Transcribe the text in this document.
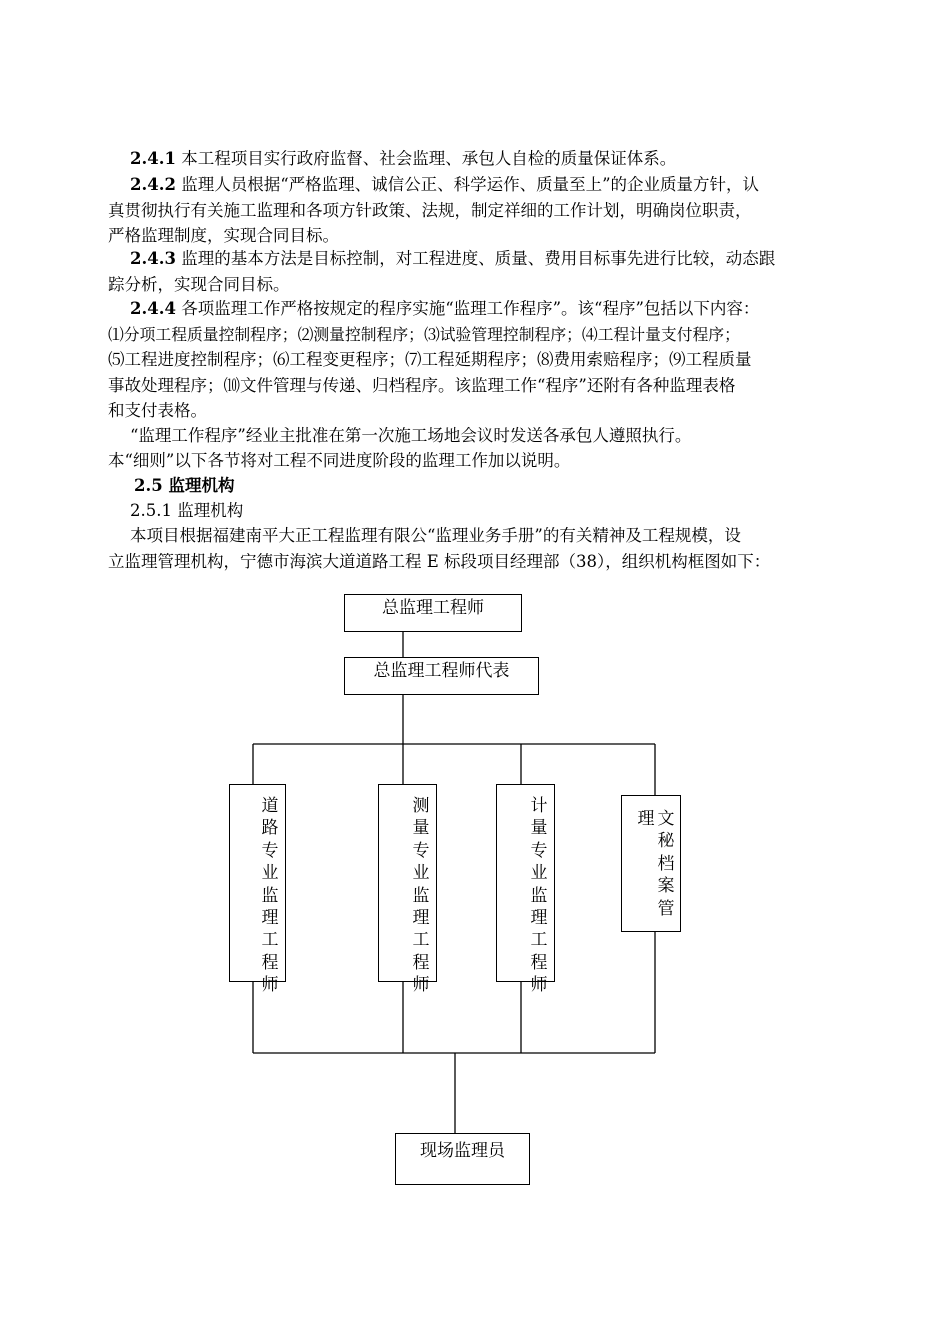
2.4.1 本工程项目实行政府监督、社会监理、承包人自检的质量保证体系。
2.4.2 监理人员根据“严格监理、诚信公正、科学运作、质量至上”的企业质量方针，认
真贯彻执行有关施工监理和各项方针政策、法规，制定祥细的工作计划，明确岗位职责，
严格监理制度，实现合同目标。
2.4.3 监理的基本方法是目标控制，对工程进度、质量、费用目标事先进行比较，动态跟
踪分析，实现合同目标。
2.4.4 各项监理工作严格按规定的程序实施“监理工作程序”。该“程序”包括以下内容：
⑴分项工程质量控制程序；⑵测量控制程序；⑶试验管理控制程序；⑷工程计量支付程序；
⑸工程进度控制程序；⑹工程变更程序；⑺工程延期程序；⑻费用索赔程序；⑼工程质量
事故处理程序；⑽文件管理与传递、归档程序。该监理工作“程序”还附有各种监理表格
和支付表格。
“监理工作程序”经业主批准在第一次施工场地会议时发送各承包人遵照执行。
本“细则”以下各节将对工程不同进度阶段的监理工作加以说明。
2.5 监理机构
2.5.1 监理机构
本项目根据福建南平大正工程监理有限公“监理业务手册”的有关精神及工程规模，设
立监理管理机构，宁德市海滨大道道路工程 E 标段项目经理部（38），组织机构框图如下：
总监理工程师
总监理工程师代表
道路专业监理工程师
测量专业监理工程师
计量专业监理工程师
理 文秘档案管
现场监理员
